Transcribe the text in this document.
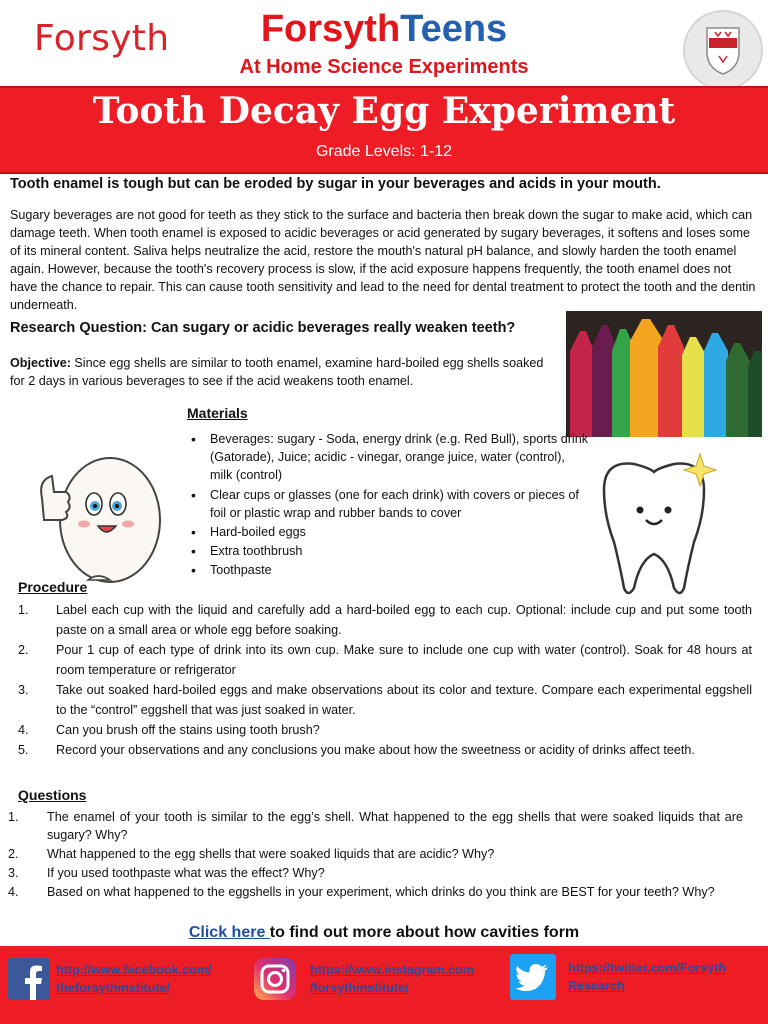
Forsyth	ForsythTeens
At Home Science Experiments
Tooth Decay Egg Experiment
Grade Levels: 1-12
Tooth enamel is tough but can be eroded by sugar in your beverages and acids in your mouth.
Sugary beverages are not good for teeth as they stick to the surface and bacteria then break down the sugar to make acid, which can damage teeth. When tooth enamel is exposed to acidic beverages or acid generated by sugary beverages, it softens and loses some of its mineral content. Saliva helps neutralize the acid, restore the mouth's natural pH balance, and slowly harden the tooth enamel again. However, because the tooth's recovery process is slow, if the acid exposure happens frequently, the tooth enamel does not have the chance to repair. This can cause tooth sensitivity and lead to the need for dental treatment to protect the tooth and the dentin underneath.
Research Question: Can sugary or acidic beverages really weaken teeth?
Objective: Since egg shells are similar to tooth enamel, examine hard-boiled egg shells soaked for 2 days in various beverages to see if the acid weakens tooth enamel.
Materials
• Beverages: sugary - Soda, energy drink (e.g. Red Bull), sports drink (Gatorade), Juice; acidic - vinegar, orange juice, water (control), milk (control)
• Clear cups or glasses (one for each drink) with covers or pieces of foil or plastic wrap and rubber bands to cover
• Hard-boiled eggs
• Extra toothbrush
• Toothpaste
Procedure
1. Label each cup with the liquid and carefully add a hard-boiled egg to each cup. Optional: include cup and put some tooth paste on a small area or whole egg before soaking.
2. Pour 1 cup of each type of drink into its own cup. Make sure to include one cup with water (control). Soak for 48 hours at room temperature or refrigerator
3. Take out soaked hard-boiled eggs and make observations about its color and texture. Compare each experimental eggshell to the “control” eggshell that was just soaked in water.
4. Can you brush off the stains using tooth brush?
5. Record your observations and any conclusions you make about how the sweetness or acidity of drinks affect teeth.
Questions
1. The enamel of your tooth is similar to the egg’s shell. What happened to the egg shells that were soaked liquids that are sugary? Why?
2. What happened to the egg shells that were soaked liquids that are acidic? Why?
3. If you used toothpaste what was the effect? Why?
4. Based on what happened to the eggshells in your experiment, which drinks do you think are BEST for your teeth? Why?
Click here to find out more about how cavities form
http://www.facebook.com/
theforsythinstitute/
https://www.instagram.com
/forsythinstitute/
https://twitter.com/Forsyth
Research
